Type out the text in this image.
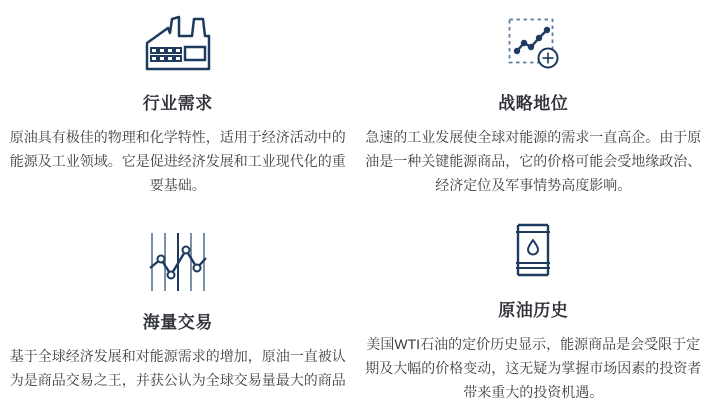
行业需求

原油具有极佳的物理和化学特性，适用于经济活动中的能源及工业领域。它是促进经济发展和工业现代化的重要基础。

战略地位

急速的工业发展使全球对能源的需求一直高企。由于原油是一种关键能源商品，它的价格可能会受地缘政治、经济定位及军事情势高度影响。

海量交易

基于全球经济发展和对能源需求的增加，原油一直被认为是商品交易之王，并获公认为全球交易量最大的商品

原油历史

美国WTI石油的定价历史显示，能源商品是会受限于定期及大幅的价格变动，这无疑为掌握市场因素的投资者带来重大的投资机遇。
